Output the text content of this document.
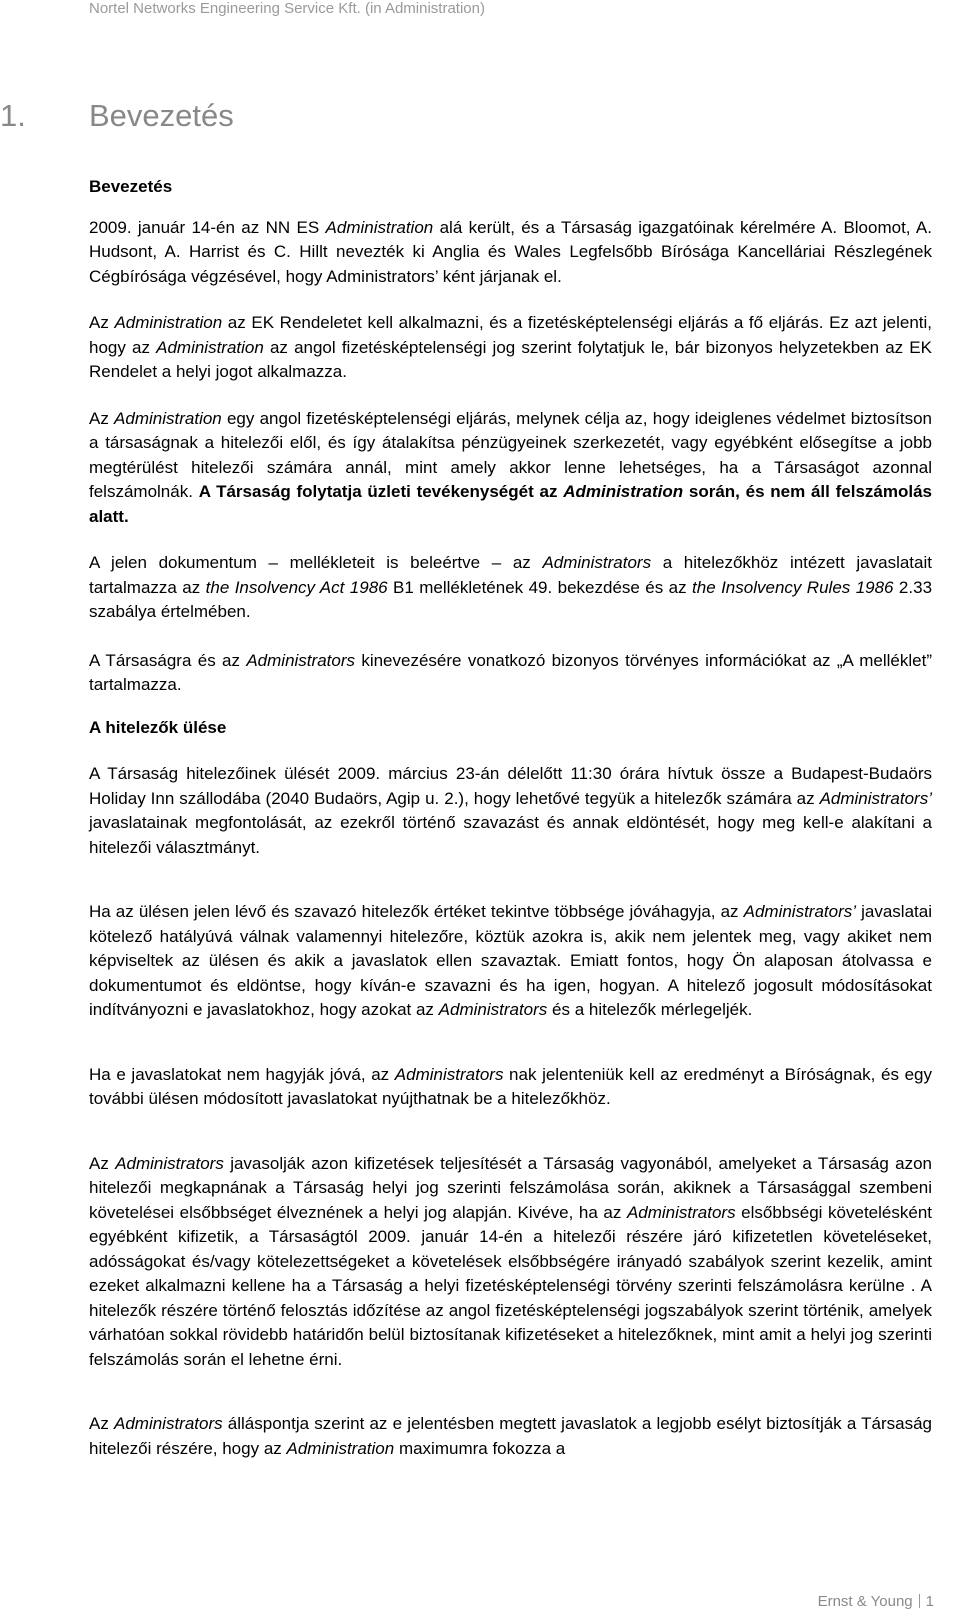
Nortel Networks Engineering Service Kft. (in Administration)
1. Bevezetés

Bevezetés

2009. január 14-én az NN ES Administration alá került, és a Társaság igazgatóinak kérelmére A. Bloomot, A. Hudsont, A. Harrist és C. Hillt nevezték ki Anglia és Wales Legfelsőbb Bírósága Kancelláriai Részlegének Cégbírósága végzésével, hogy Administrators’ ként járjanak el.

Az Administration az EK Rendeletet kell alkalmazni, és a fizetésképtelenségi eljárás a fő eljárás. Ez azt jelenti, hogy az Administration az angol fizetésképtelenségi jog szerint folytatjuk le, bár bizonyos helyzetekben az EK Rendelet a helyi jogot alkalmazza.

Az Administration egy angol fizetésképtelenségi eljárás, melynek célja az, hogy ideiglenes védelmet biztosítson a társaságnak a hitelezői elől, és így átalakítsa pénzügyeinek szerkezetét, vagy egyébként elősegítse a jobb megtérülést hitelezői számára annál, mint amely akkor lenne lehetséges, ha a Társaságot azonnal felszámolnák. A Társaság folytatja üzleti tevékenységét az Administration során, és nem áll felszámolás alatt.

A jelen dokumentum – mellékleteit is beleértve – az Administrators a hitelezőkhöz intézett javaslatait tartalmazza az the Insolvency Act 1986 B1 mellékletének 49. bekezdése és az the Insolvency Rules 1986 2.33 szabálya értelmében.

A Társaságra és az Administrators kinevezésére vonatkozó bizonyos törvényes információkat az „A melléklet” tartalmazza.

A hitelezők ülése

A Társaság hitelezőinek ülését 2009. március 23-án délelőtt 11:30 órára hívtuk össze a Budapest-Budaörs Holiday Inn szállodába (2040 Budaörs, Agip u. 2.), hogy lehetővé tegyük a hitelezők számára az Administrators’ javaslatainak megfontolását, az ezekről történő szavazást és annak eldöntését, hogy meg kell-e alakítani a hitelezői választmányt.

Ha az ülésen jelen lévő és szavazó hitelezők értéket tekintve többsége jóváhagyja, az Administrators’ javaslatai kötelező hatályúvá válnak valamennyi hitelezőre, köztük azokra is, akik nem jelentek meg, vagy akiket nem képviseltek az ülésen és akik a javaslatok ellen szavaztak. Emiatt fontos, hogy Ön alaposan átolvassa e dokumentumot és eldöntse, hogy kíván-e szavazni és ha igen, hogyan. A hitelező jogosult módosításokat indítványozni e javaslatokhoz, hogy azokat az Administrators és a hitelezők mérlegeljék.

Ha e javaslatokat nem hagyják jóvá, az Administrators nak jelenteniük kell az eredményt a Bíróságnak, és egy további ülésen módosított javaslatokat nyújthatnak be a hitelezőkhöz.

Az Administrators javasolják azon kifizetések teljesítését a Társaság vagyonából, amelyeket a Társaság azon hitelezői megkapnának a Társaság helyi jog szerinti felszámolása során, akiknek a Társasággal szembeni követelései elsőbbséget élveznének a helyi jog alapján. Kivéve, ha az Administrators elsőbbségi követelésként egyébként kifizetik, a Társaságtól 2009. január 14-én a hitelezői részére járó kifizetetlen követeléseket, adósságokat és/vagy kötelezettségeket a követelések elsőbbségére irányadó szabályok szerint kezelik, amint ezeket alkalmazni kellene ha a Társaság a helyi fizetésképtelenségi törvény szerinti felszámolásra kerülne . A hitelezők részére történő felosztás időzítése az angol fizetésképtelenségi jogszabályok szerint történik, amelyek várhatóan sokkal rövidebb határidőn belül biztosítanak kifizetéseket a hitelezőknek, mint amit a helyi jog szerinti felszámolás során el lehetne érni.

Az Administrators álláspontja szerint az e jelentésben megtett javaslatok a legjobb esélyt biztosítják a Társaság hitelezői részére, hogy az Administration maximumra fokozza a

Ernst & Young 1
